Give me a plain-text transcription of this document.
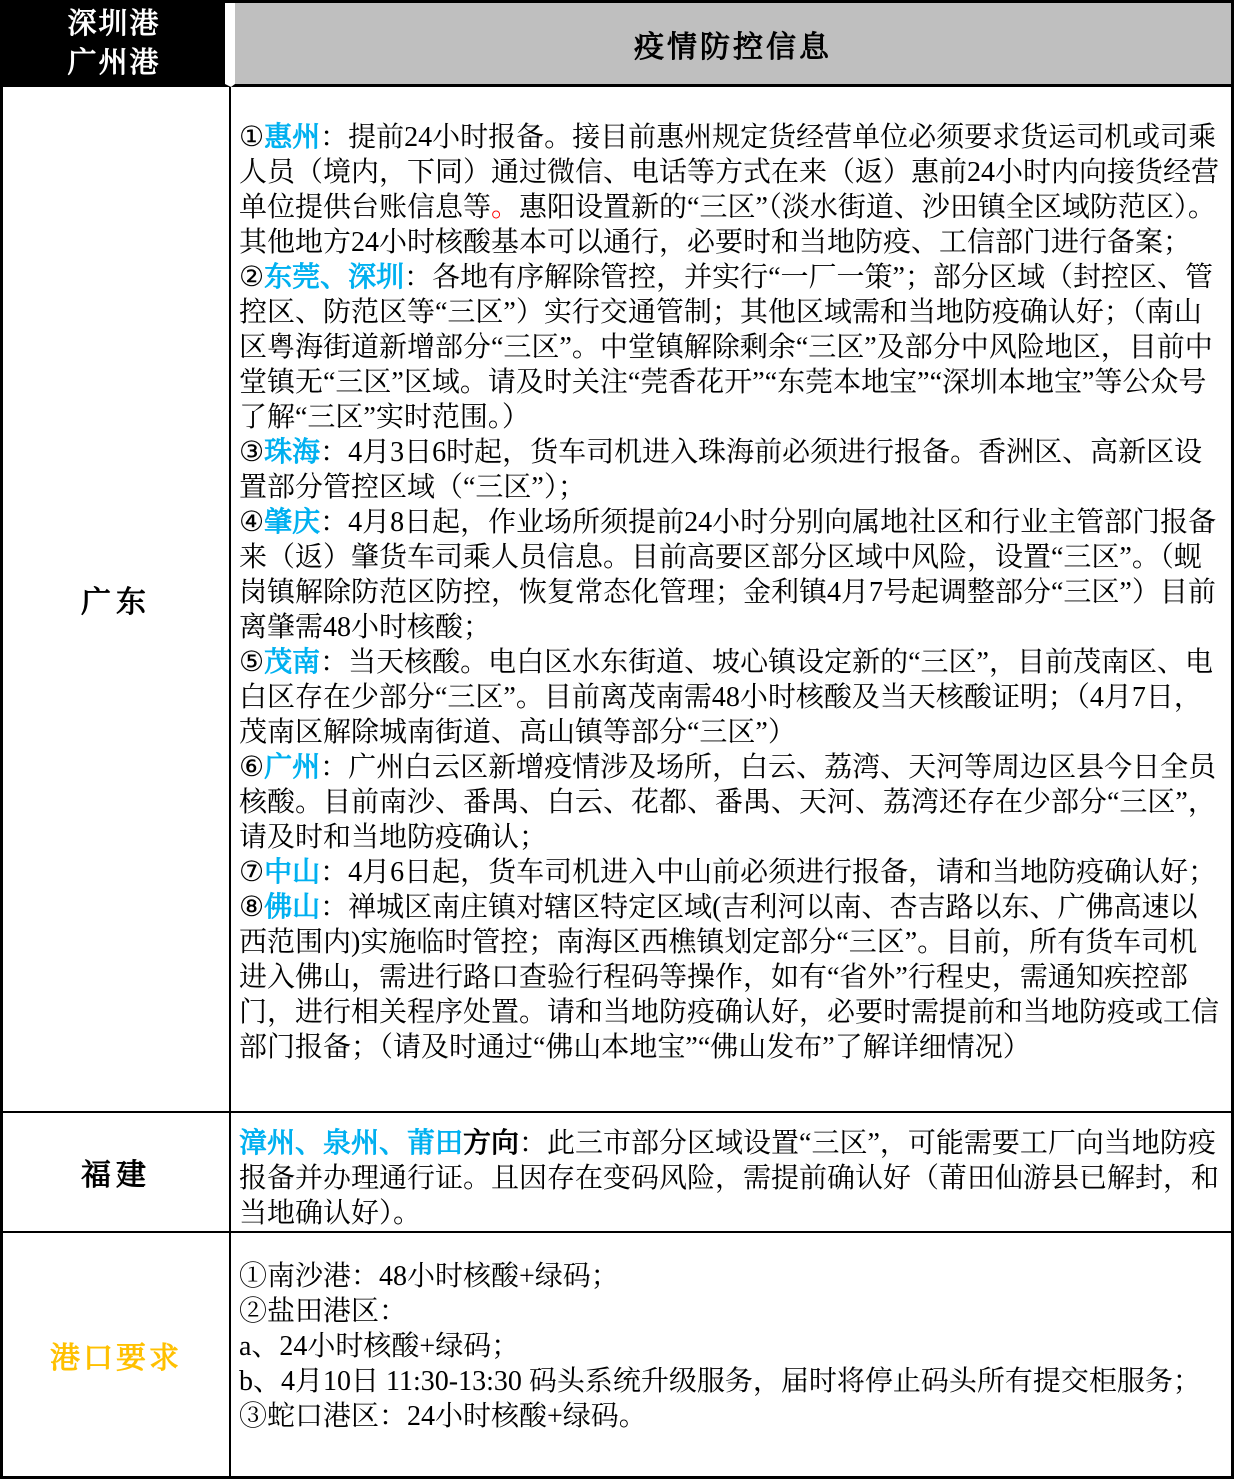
深圳港
广州港	疫情防控信息
广东

①惠州：提前24小时报备。接目前惠州规定货经营单位必须要求货运司机或司乘人员（境内，下同）通过微信、电话等方式在来（返）惠前24小时内向接货经营单位提供台账信息等。惠阳设置新的“三区”（淡水街道、沙田镇全区域防范区）。其他地方24小时核酸基本可以通行，必要时和当地防疫、工信部门进行备案；

②东莞、深圳：各地有序解除管控，并实行“一厂一策”；部分区域（封控区、管控区、防范区等“三区”）实行交通管制；其他区域需和当地防疫确认好；（南山区粤海街道新增部分“三区”。中堂镇解除剩余“三区”及部分中风险地区，目前中堂镇无“三区”区域。请及时关注“莞香花开”“东莞本地宝”“深圳本地宝”等公众号了解“三区”实时范围。）

③珠海：4月3日6时起，货车司机进入珠海前必须进行报备。香洲区、高新区设置部分管控区域（“三区”）；

④肇庆：4月8日起，作业场所须提前24小时分别向属地社区和行业主管部门报备来（返）肇货车司乘人员信息。目前高要区部分区域中风险，设置“三区”。（蚬岗镇解除防范区防控，恢复常态化管理；金利镇4月7号起调整部分“三区”）目前离肇需48小时核酸；

⑤茂南：当天核酸。电白区水东街道、坡心镇设定新的“三区”，目前茂南区、电白区存在少部分“三区”。目前离茂南需48小时核酸及当天核酸证明；（4月7日，茂南区解除城南街道、高山镇等部分“三区”）

⑥广州：广州白云区新增疫情涉及场所，白云、荔湾、天河等周边区县今日全员核酸。目前南沙、番禺、白云、花都、番禺、天河、荔湾还存在少部分“三区”，请及时和当地防疫确认；

⑦中山：4月6日起，货车司机进入中山前必须进行报备，请和当地防疫确认好；

⑧佛山：禅城区南庄镇对辖区特定区域(吉利河以南、杏吉路以东、广佛高速以西范围内)实施临时管控；南海区西樵镇划定部分“三区”。目前，所有货车司机进入佛山，需进行路口查验行程码等操作，如有“省外”行程史，需通知疾控部门，进行相关程序处置。请和当地防疫确认好，必要时需提前和当地防疫或工信部门报备；（请及时通过“佛山本地宝”“佛山发布”了解详细情况）

福建

漳州、泉州、莆田方向：此三市部分区域设置“三区”，可能需要工厂向当地防疫报备并办理通行证。且因存在变码风险，需提前确认好（莆田仙游县已解封，和当地确认好）。

港口要求

①南沙港：48小时核酸+绿码；

②盐田港区：

a、24小时核酸+绿码；

b、4月10日 11:30-13:30 码头系统升级服务，届时将停止码头所有提交柜服务；

③蛇口港区：24小时核酸+绿码。
